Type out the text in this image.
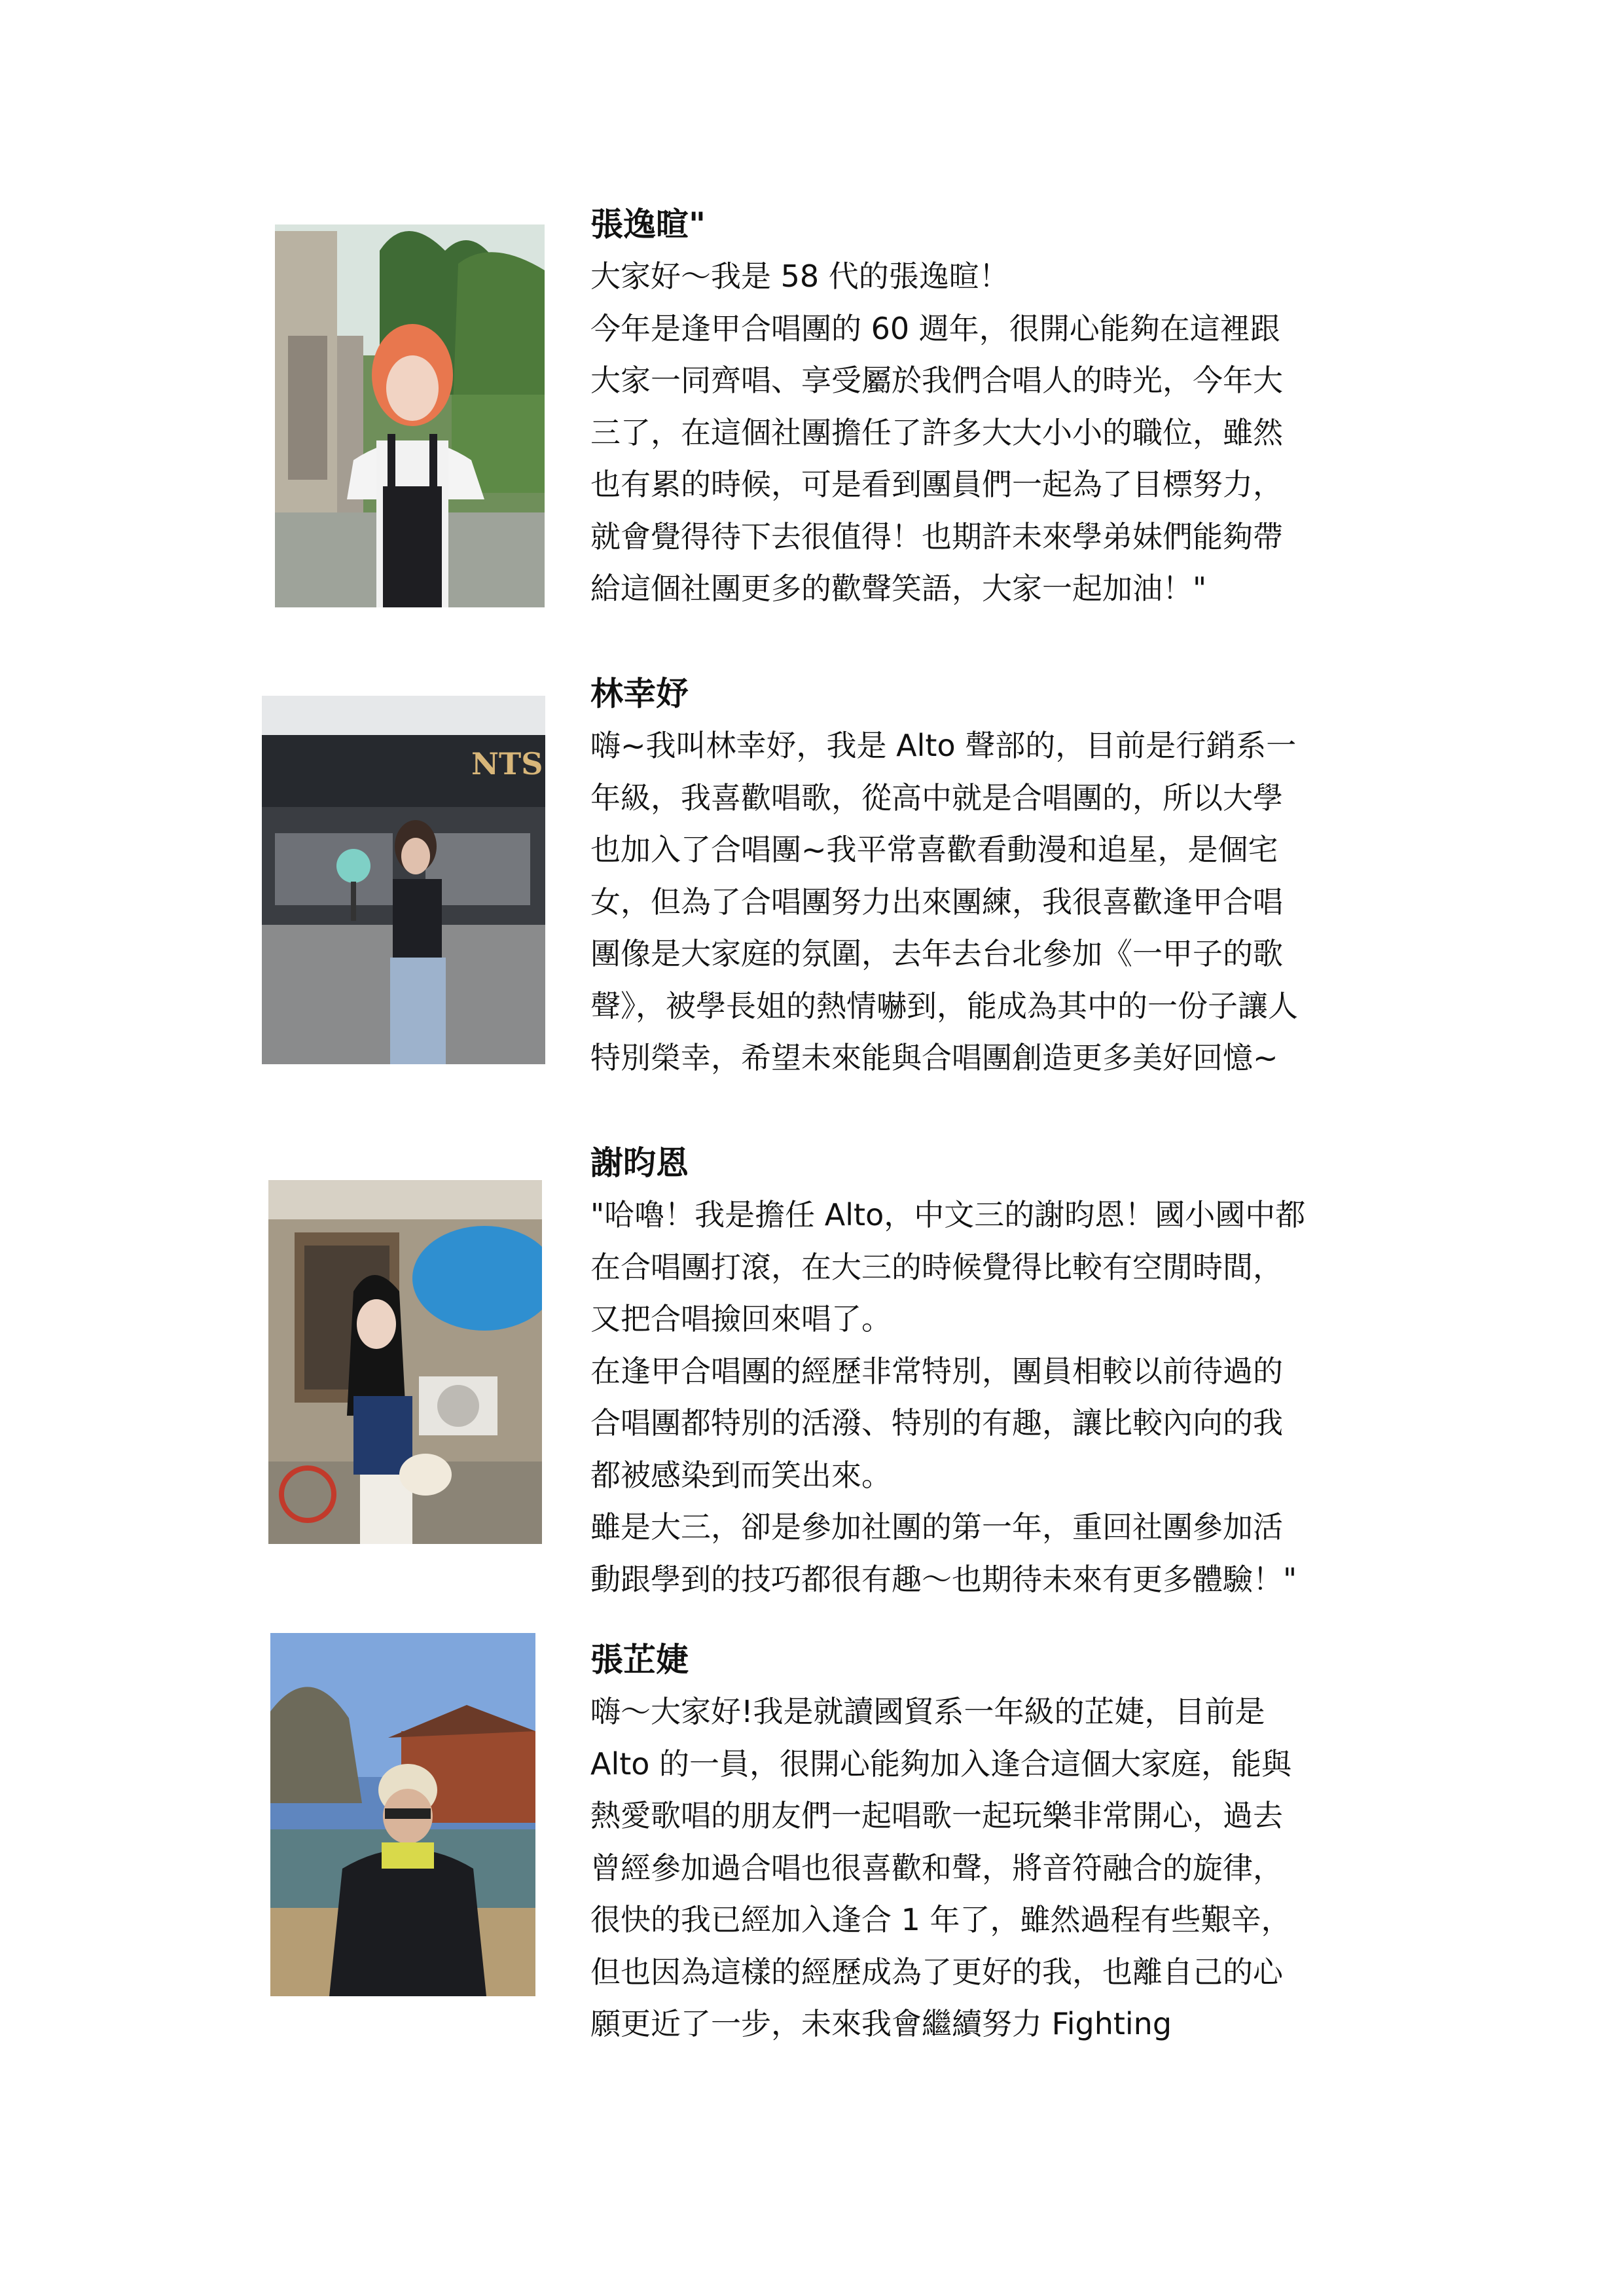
NTS
張逸暄"
大家好～我是 58 代的張逸暄！
今年是逢甲合唱團的 60 週年，很開心能夠在這裡跟
大家一同齊唱、享受屬於我們合唱人的時光，今年大
三了，在這個社團擔任了許多大大小小的職位，雖然
也有累的時候，可是看到團員們一起為了目標努力，
就會覺得待下去很值得！也期許未來學弟妹們能夠帶
給這個社團更多的歡聲笑語，大家一起加油！"
林幸妤
嗨~我叫林幸妤，我是 Alto 聲部的，目前是行銷系一
年級，我喜歡唱歌，從高中就是合唱團的，所以大學
也加入了合唱團~我平常喜歡看動漫和追星，是個宅
女，但為了合唱團努力出來團練，我很喜歡逢甲合唱
團像是大家庭的氛圍，去年去台北參加《一甲子的歌
聲》，被學長姐的熱情嚇到，能成為其中的一份子讓人
特別榮幸，希望未來能與合唱團創造更多美好回憶~
謝昀恩
"哈嚕！我是擔任 Alto，中文三的謝昀恩！國小國中都
在合唱團打滾，在大三的時候覺得比較有空閒時間，
又把合唱撿回來唱了。
在逢甲合唱團的經歷非常特別，團員相較以前待過的
合唱團都特別的活潑、特別的有趣，讓比較內向的我
都被感染到而笑出來。
雖是大三，卻是參加社團的第一年，重回社團參加活
動跟學到的技巧都很有趣～也期待未來有更多體驗！"
張芷婕
嗨～大家好!我是就讀國貿系一年級的芷婕，目前是
Alto 的一員，很開心能夠加入逢合這個大家庭，能與
熱愛歌唱的朋友們一起唱歌一起玩樂非常開心，過去
曾經參加過合唱也很喜歡和聲，將音符融合的旋律，
很快的我已經加入逢合 1 年了，雖然過程有些艱辛，
但也因為這樣的經歷成為了更好的我，也離自己的心
願更近了一步，未來我會繼續努力 Fighting
